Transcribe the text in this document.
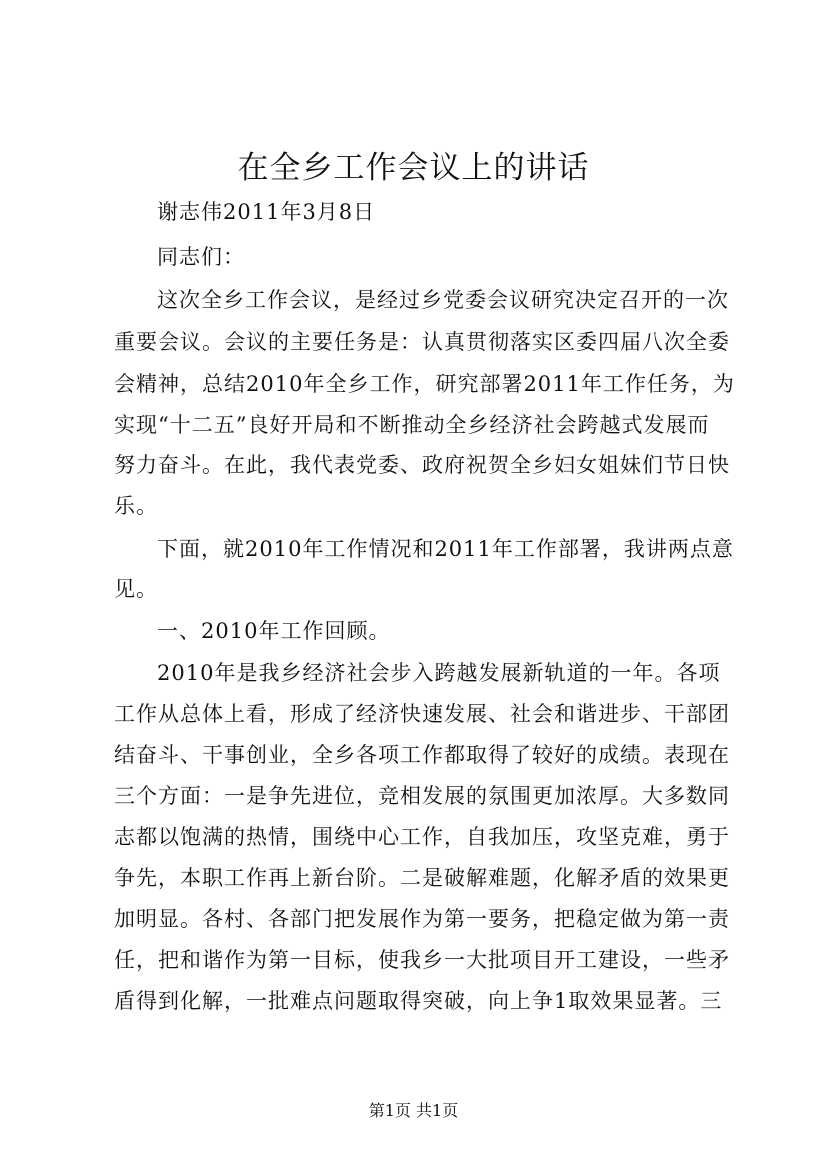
在全乡工作会议上的讲话
谢志伟2011年3月8日
同志们：
这次全乡工作会议，是经过乡党委会议研究决定召开的一次
重要会议。会议的主要任务是：认真贯彻落实区委四届八次全委
会精神，总结2010年全乡工作，研究部署2011年工作任务，为
实现“十二五”良好开局和不断推动全乡经济社会跨越式发展而
努力奋斗。在此，我代表党委、政府祝贺全乡妇女姐妹们节日快
乐。
下面，就2010年工作情况和2011年工作部署，我讲两点意
见。
一、2010年工作回顾。
2010年是我乡经济社会步入跨越发展新轨道的一年。各项
工作从总体上看，形成了经济快速发展、社会和谐进步、干部团
结奋斗、干事创业，全乡各项工作都取得了较好的成绩。表现在
三个方面：一是争先进位，竞相发展的氛围更加浓厚。大多数同
志都以饱满的热情，围绕中心工作，自我加压，攻坚克难，勇于
争先，本职工作再上新台阶。二是破解难题，化解矛盾的效果更
加明显。各村、各部门把发展作为第一要务，把稳定做为第一责
任，把和谐作为第一目标，使我乡一大批项目开工建设，一些矛
盾得到化解，一批难点问题取得突破，向上争1取效果显著。三
第1页 共1页
